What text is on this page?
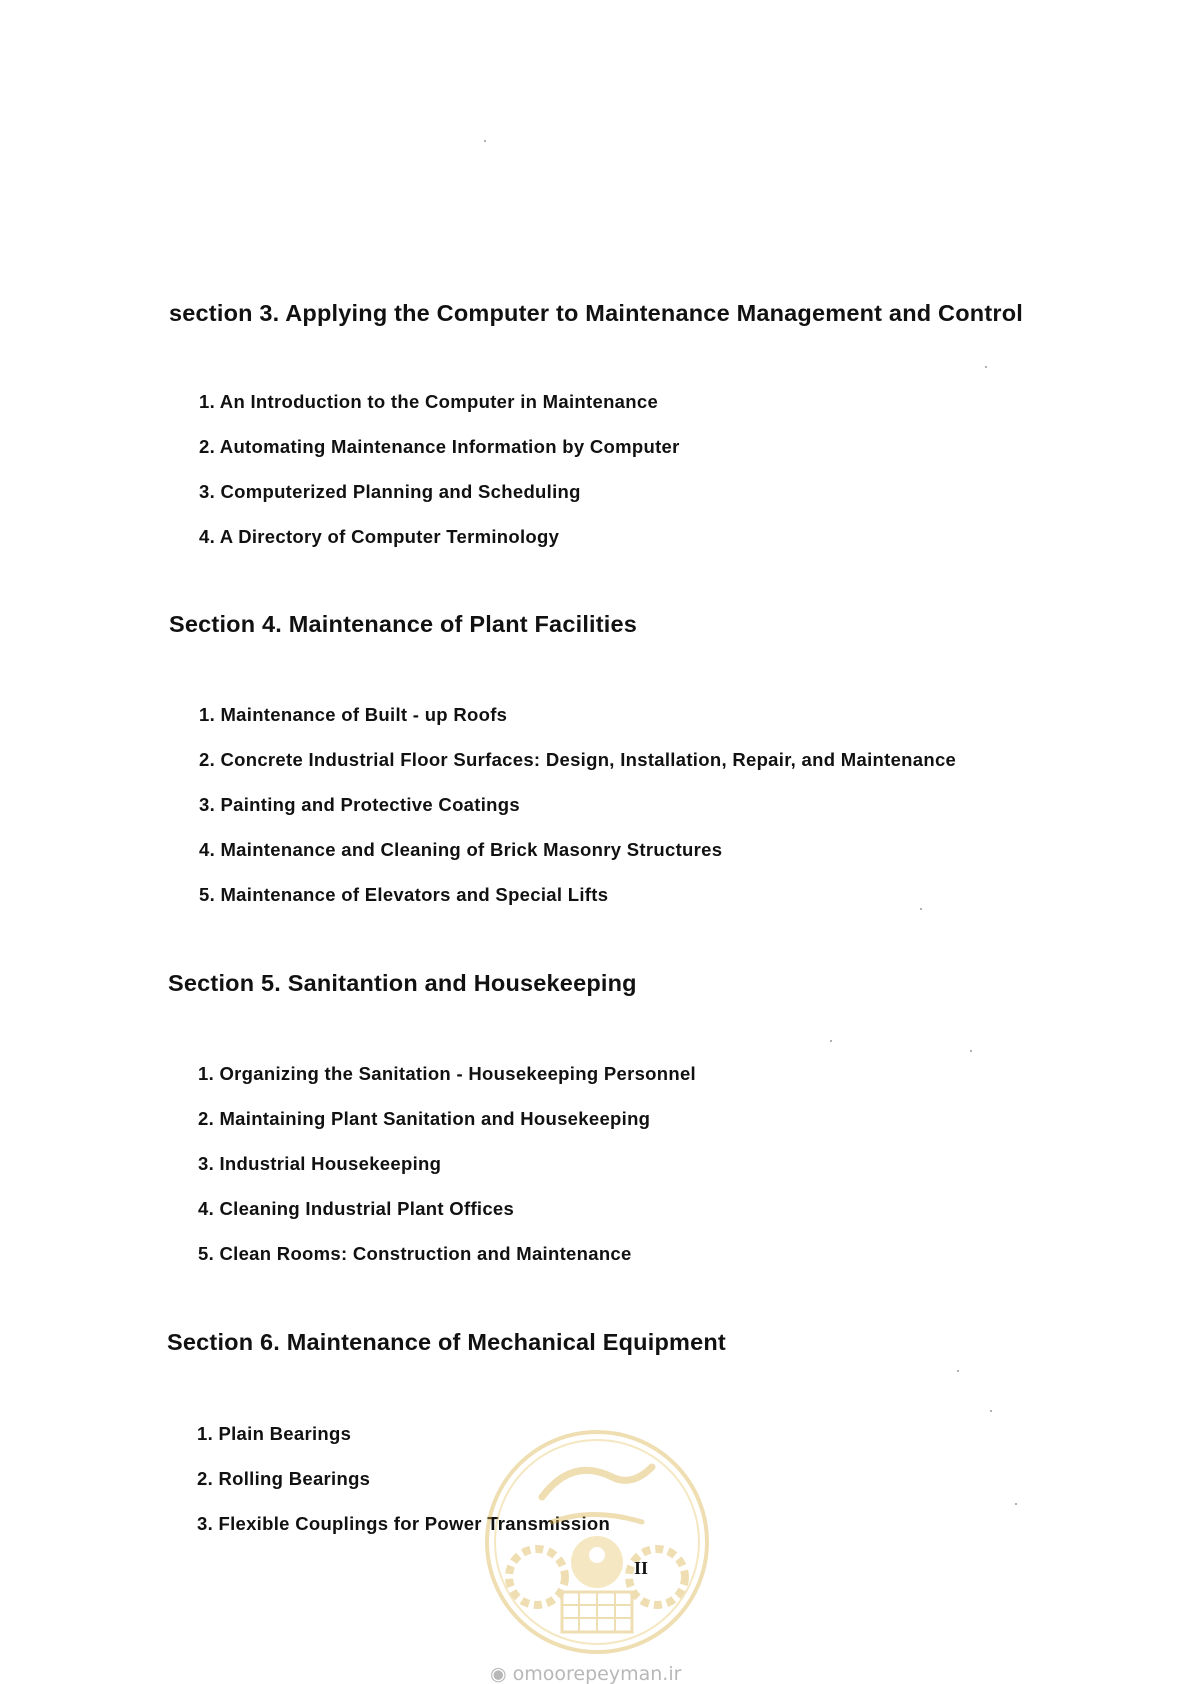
section 3. Applying the Computer to Maintenance Management and Control

1. An Introduction to the Computer in Maintenance

2. Automating Maintenance Information by Computer

3. Computerized Planning and Scheduling

4. A Directory of Computer Terminology

Section 4. Maintenance of Plant Facilities

1. Maintenance of Built - up Roofs

2. Concrete Industrial Floor Surfaces: Design, Installation, Repair, and Maintenance

3. Painting and Protective Coatings

4. Maintenance and Cleaning of Brick Masonry Structures

5. Maintenance of Elevators and Special Lifts

Section 5. Sanitantion and Housekeeping

1. Organizing the Sanitation - Housekeeping Personnel

2. Maintaining Plant Sanitation and Housekeeping

3. Industrial Housekeeping

4. Cleaning Industrial Plant Offices

5. Clean Rooms: Construction and Maintenance

Section 6. Maintenance of Mechanical Equipment

1. Plain Bearings

2. Rolling Bearings

3. Flexible Couplings for Power Transmission

II
◉ omoorepeyman.ir
